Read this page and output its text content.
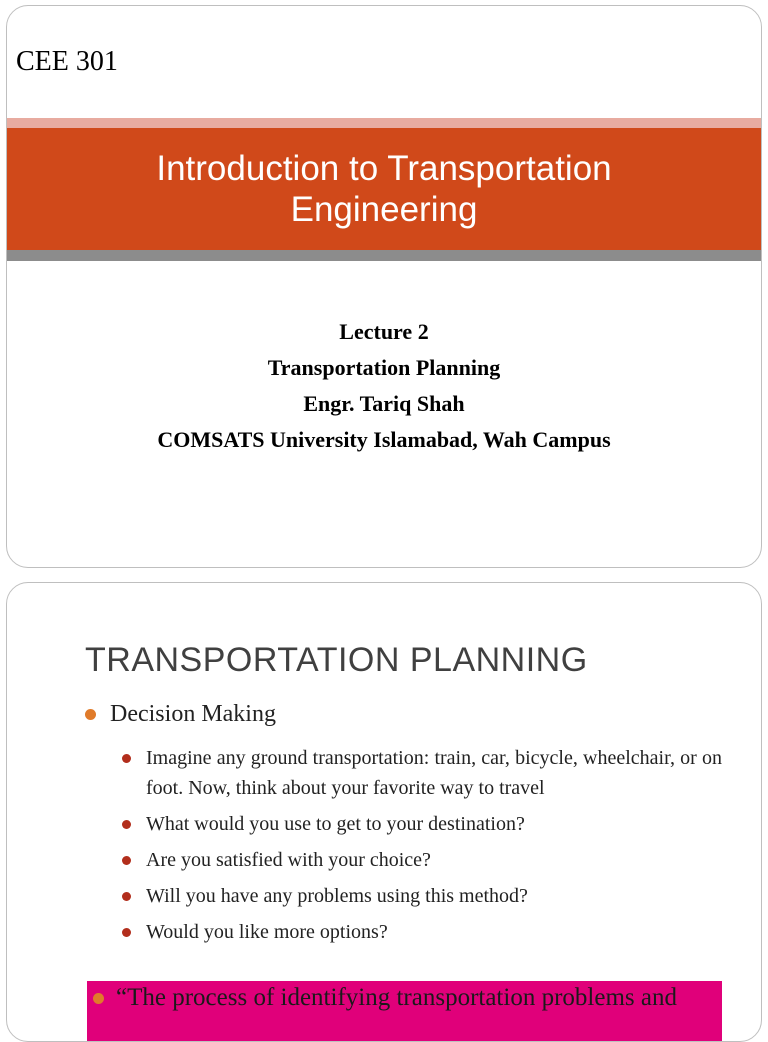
CEE 301
Introduction to Transportation
Engineering
Lecture 2
Transportation Planning
Engr. Tariq Shah
COMSATS University Islamabad, Wah Campus
TRANSPORTATION PLANNING
Decision Making
Imagine any ground transportation: train, car, bicycle, wheelchair, or on foot. Now, think about your favorite way to travel
What would you use to get to your destination?
Are you satisfied with your choice?
Will you have any problems using this method?
Would you like more options?
“The process of identifying transportation problems and
